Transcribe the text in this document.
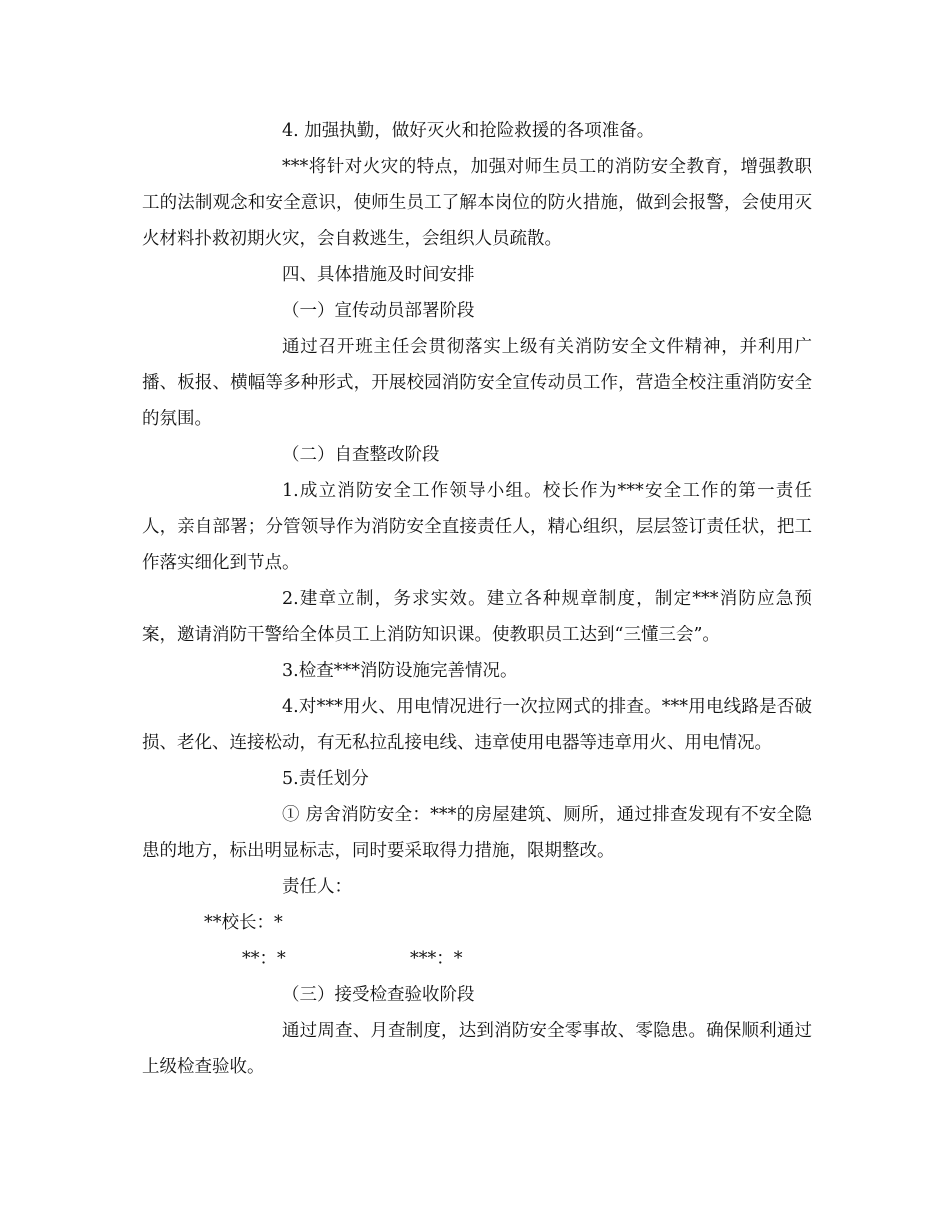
4. 加强执勤，做好灭火和抢险救援的各项准备。

***将针对火灾的特点，加强对师生员工的消防安全教育，增强教职工的法制观念和安全意识，使师生员工了解本岗位的防火措施，做到会报警，会使用灭火材料扑救初期火灾，会自救逃生，会组织人员疏散。

四、具体措施及时间安排

（一）宣传动员部署阶段

通过召开班主任会贯彻落实上级有关消防安全文件精神，并利用广播、板报、横幅等多种形式，开展校园消防安全宣传动员工作，营造全校注重消防安全的氛围。

（二）自查整改阶段

1.成立消防安全工作领导小组。校长作为***安全工作的第一责任人，亲自部署；分管领导作为消防安全直接责任人，精心组织，层层签订责任状，把工作落实细化到节点。

2.建章立制，务求实效。建立各种规章制度，制定***消防应急预案，邀请消防干警给全体员工上消防知识课。使教职员工达到“三懂三会”。

3.检查***消防设施完善情况。

4.对***用火、用电情况进行一次拉网式的排查。***用电线路是否破损、老化、连接松动，有无私拉乱接电线、违章使用电器等违章用火、用电情况。

5.责任划分

① 房舍消防安全：***的房屋建筑、厕所，通过排查发现有不安全隐患的地方，标出明显标志，同时要采取得力措施，限期整改。

责任人：

**校长：*
**：*	***：*

（三）接受检查验收阶段

通过周查、月查制度，达到消防安全零事故、零隐患。确保顺利通过上级检查验收。
